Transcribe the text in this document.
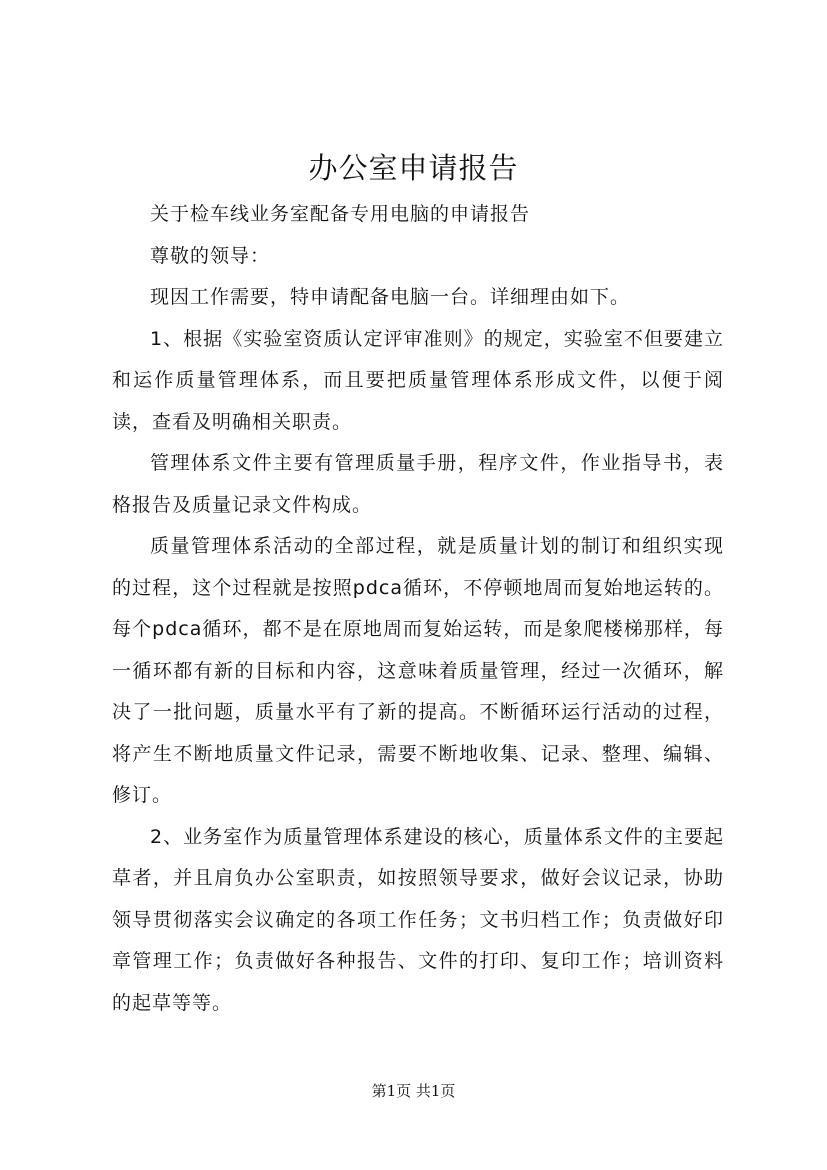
办公室申请报告

关于检车线业务室配备专用电脑的申请报告

尊敬的领导：

现因工作需要，特申请配备电脑一台。详细理由如下。

1、根据《实验室资质认定评审准则》的规定，实验室不但要建立和运作质量管理体系，而且要把质量管理体系形成文件，以便于阅读，查看及明确相关职责。

管理体系文件主要有管理质量手册，程序文件，作业指导书，表格报告及质量记录文件构成。

质量管理体系活动的全部过程，就是质量计划的制订和组织实现的过程，这个过程就是按照pdca循环，不停顿地周而复始地运转的。每个pdca循环，都不是在原地周而复始运转，而是象爬楼梯那样，每一循环都有新的目标和内容，这意味着质量管理，经过一次循环，解决了一批问题，质量水平有了新的提高。不断循环运行活动的过程，将产生不断地质量文件记录，需要不断地收集、记录、整理、编辑、修订。

2、业务室作为质量管理体系建设的核心，质量体系文件的主要起草者，并且肩负办公室职责，如按照领导要求，做好会议记录，协助领导贯彻落实会议确定的各项工作任务；文书归档工作；负责做好印章管理工作；负责做好各种报告、文件的打印、复印工作；培训资料的起草等等。

第1页 共1页
